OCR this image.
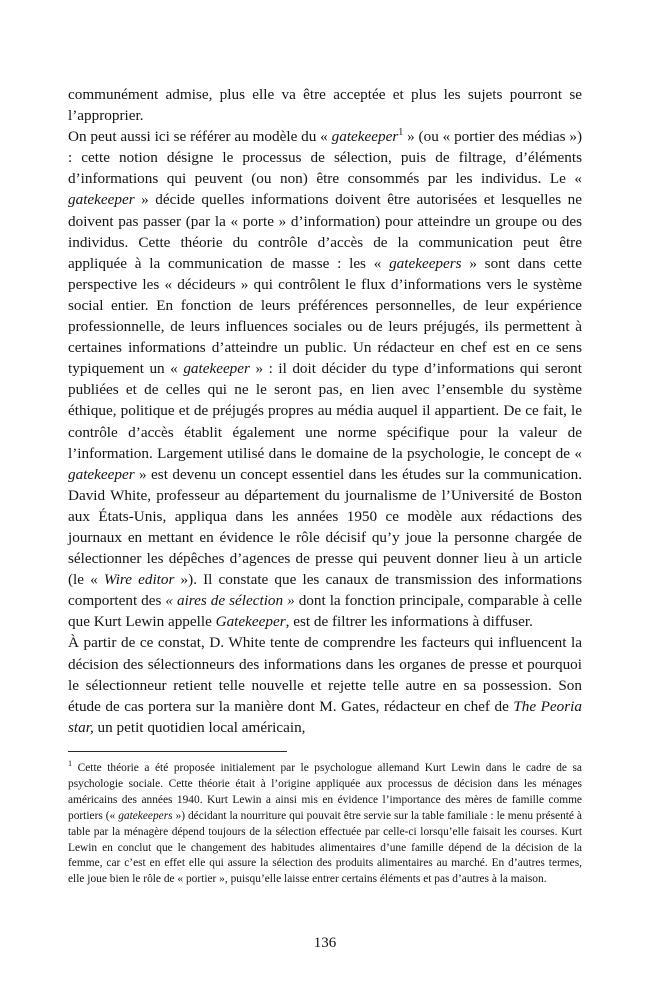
communément admise, plus elle va être acceptée et plus les sujets pourront se l’approprier.

On peut aussi ici se référer au modèle du « gatekeeper$^1$ » (ou « portier des médias ») : cette notion désigne le processus de sélection, puis de filtrage, d’éléments d’informations qui peuvent (ou non) être consommés par les individus. Le « gatekeeper » décide quelles informations doivent être autorisées et lesquelles ne doivent pas passer (par la « porte » d’information) pour atteindre un groupe ou des individus. Cette théorie du contrôle d’accès de la communication peut être appliquée à la communication de masse : les « gatekeepers » sont dans cette perspective les « décideurs » qui contrôlent le flux d’informations vers le système social entier. En fonction de leurs préférences personnelles, de leur expérience professionnelle, de leurs influences sociales ou de leurs préjugés, ils permettent à certaines informations d’atteindre un public. Un rédacteur en chef est en ce sens typiquement un « gatekeeper » : il doit décider du type d’informations qui seront publiées et de celles qui ne le seront pas, en lien avec l’ensemble du système éthique, politique et de préjugés propres au média auquel il appartient. De ce fait, le contrôle d’accès établit également une norme spécifique pour la valeur de l’information. Largement utilisé dans le domaine de la psychologie, le concept de « gatekeeper » est devenu un concept essentiel dans les études sur la communication. David White, professeur au département du journalisme de l’Université de Boston aux États-Unis, appliqua dans les années 1950 ce modèle aux rédactions des journaux en mettant en évidence le rôle décisif qu’y joue la personne chargée de sélectionner les dépêches d’agences de presse qui peuvent donner lieu à un article (le « Wire editor »). Il constate que les canaux de transmission des informations comportent des « aires de sélection » dont la fonction principale, comparable à celle que Kurt Lewin appelle Gatekeeper, est de filtrer les informations à diffuser.

À partir de ce constat, D. White tente de comprendre les facteurs qui influencent la décision des sélectionneurs des informations dans les organes de presse et pourquoi le sélectionneur retient telle nouvelle et rejette telle autre en sa possession. Son étude de cas portera sur la manière dont M. Gates, rédacteur en chef de The Peoria star, un petit quotidien local américain,

$^1$ Cette théorie a été proposée initialement par le psychologue allemand Kurt Lewin dans le cadre de sa psychologie sociale. Cette théorie était à l’origine appliquée aux processus de décision dans les ménages américains des années 1940. Kurt Lewin a ainsi mis en évidence l’importance des mères de famille comme portiers (« gatekeepers ») décidant la nourriture qui pouvait être servie sur la table familiale : le menu présenté à table par la ménagère dépend toujours de la sélection effectuée par celle-ci lorsqu’elle faisait les courses. Kurt Lewin en conclut que le changement des habitudes alimentaires d’une famille dépend de la décision de la femme, car c’est en effet elle qui assure la sélection des produits alimentaires au marché. En d’autres termes, elle joue bien le rôle de « portier », puisqu’elle laisse entrer certains éléments et pas d’autres à la maison.

136
